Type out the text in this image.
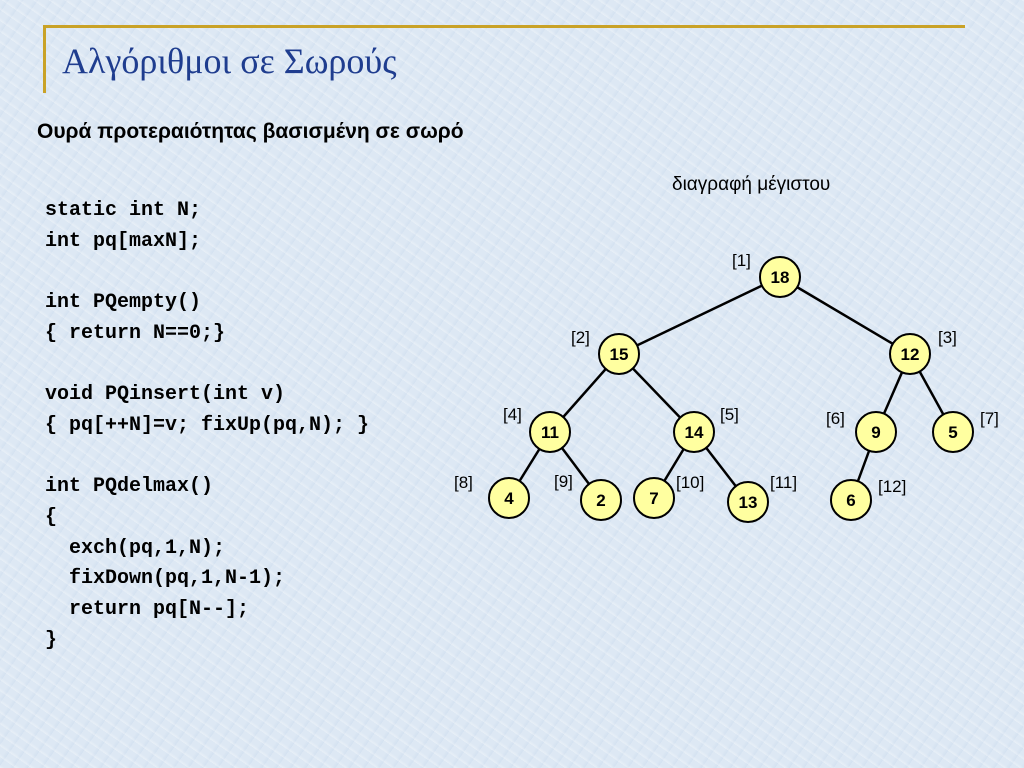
Αλγόριθμοι σε Σωρούς
Ουρά προτεραιότητας βασισμένη σε σωρό
static int N;
int pq[maxN];
int PQempty()
{ return N==0;}
void PQinsert(int v)
{ pq[++N]=v; fixUp(pq,N); }
int PQdelmax()
{
exch(pq,1,N);
fixDown(pq,1,N-1);
return pq[N--];
}
διαγραφή μέγιστου
18
[1]
15
[2]
12
[3]
11
[4]
14
[5]
9
[6]
5
[7]
4
[8]
2
[9]
7
[10]
13
[11]
6
[12]
